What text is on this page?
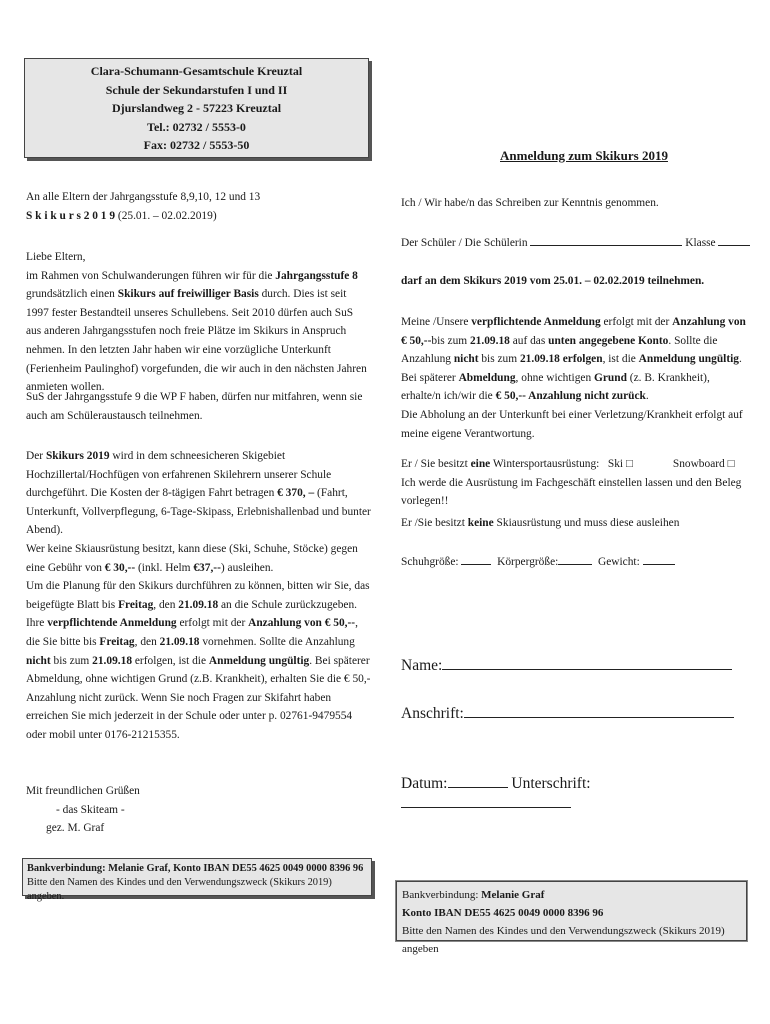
Clara-Schumann-Gesamtschule Kreuztal
Schule der Sekundarstufen I und II
Djurslandweg 2 - 57223 Kreuztal
Tel.: 02732 / 5553-0
Fax: 02732 / 5553-50

An alle Eltern der Jahrgangsstufe 8,9,10, 12 und 13

S k i k u r s 2 0 1 9 (25.01. – 02.02.2019)

Liebe Eltern,

im Rahmen von Schulwanderungen führen wir für die Jahrgangsstufe 8 grundsätzlich einen Skikurs auf freiwilliger Basis durch. Dies ist seit 1997 fester Bestandteil unseres Schullebens. Seit 2010 dürfen auch SuS aus anderen Jahrgangsstufen noch freie Plätze im Skikurs in Anspruch nehmen. In den letzten Jahr haben wir eine vorzügliche Unterkunft (Ferienheim Paulinghof) vorgefunden, die wir auch in den nächsten Jahren anmieten wollen.

SuS der Jahrgangsstufe 9 die WP F haben, dürfen nur mitfahren, wenn sie auch am Schüleraustausch teilnehmen.

Der Skikurs 2019 wird in dem schneesicheren Skigebiet Hochzillertal/Hochfügen von erfahrenen Skilehrern unserer Schule durchgeführt. Die Kosten der 8-tägigen Fahrt betragen € 370, – (Fahrt, Unterkunft, Vollverpflegung, 6-Tage-Skipass, Erlebnishallenbad und bunter Abend).

Wer keine Skiausrüstung besitzt, kann diese (Ski, Schuhe, Stöcke) gegen eine Gebühr von € 30,-- (inkl. Helm €37,--) ausleihen.

Um die Planung für den Skikurs durchführen zu können, bitten wir Sie, das beigefügte Blatt bis Freitag, den 21.09.18 an die Schule zurückzugeben.

Ihre verpflichtende Anmeldung erfolgt mit der Anzahlung von € 50,--, die Sie bitte bis Freitag, den 21.09.18 vornehmen. Sollte die Anzahlung nicht bis zum 21.09.18 erfolgen, ist die Anmeldung ungültig. Bei späterer Abmeldung, ohne wichtigen Grund (z.B. Krankheit), erhalten Sie die € 50,- Anzahlung nicht zurück. Wenn Sie noch Fragen zur Skifahrt haben erreichen Sie mich jederzeit in der Schule oder unter p. 02761-9479554 oder mobil unter 0176-21215355.

Mit freundlichen Grüßen

- das Skiteam -

gez. M. Graf

Bankverbindung: Melanie Graf, Konto IBAN DE55 4625 0049 0000 8396 96
Bitte den Namen des Kindes und den Verwendungszweck (Skikurs 2019) angeben.
Anmeldung zum Skikurs 2019
Ich / Wir habe/n das Schreiben zur Kenntnis genommen.
Der Schüler / Die Schülerin	Klasse
darf an dem Skikurs 2019 vom 25.01. – 02.02.2019 teilnehmen.

Meine /Unsere verpflichtende Anmeldung erfolgt mit der Anzahlung von € 50,--bis zum 21.09.18 auf das unten angegebene Konto. Sollte die Anzahlung nicht bis zum 21.09.18 erfolgen, ist die Anmeldung ungültig. Bei späterer Abmeldung, ohne wichtigen Grund (z. B. Krankheit), erhalte/n ich/wir die € 50,-- Anzahlung nicht zurück.

Die Abholung an der Unterkunft bei einer Verletzung/Krankheit erfolgt auf meine eigene Verantwortung.

Er / Sie besitzt eine Wintersportausrüstung: Ski □	Snowboard □

Ich werde die Ausrüstung im Fachgeschäft einstellen lassen und den Beleg vorlegen!!

Er /Sie besitzt keine Skiausrüstung und muss diese ausleihen
Schuhgröße:	Körpergröße:	Gewicht:
Name:
Anschrift:
Datum:	Unterschrift:
Bankverbindung: Melanie Graf
Konto IBAN DE55 4625 0049 0000 8396 96
Bitte den Namen des Kindes und den Verwendungszweck (Skikurs 2019) angeben
